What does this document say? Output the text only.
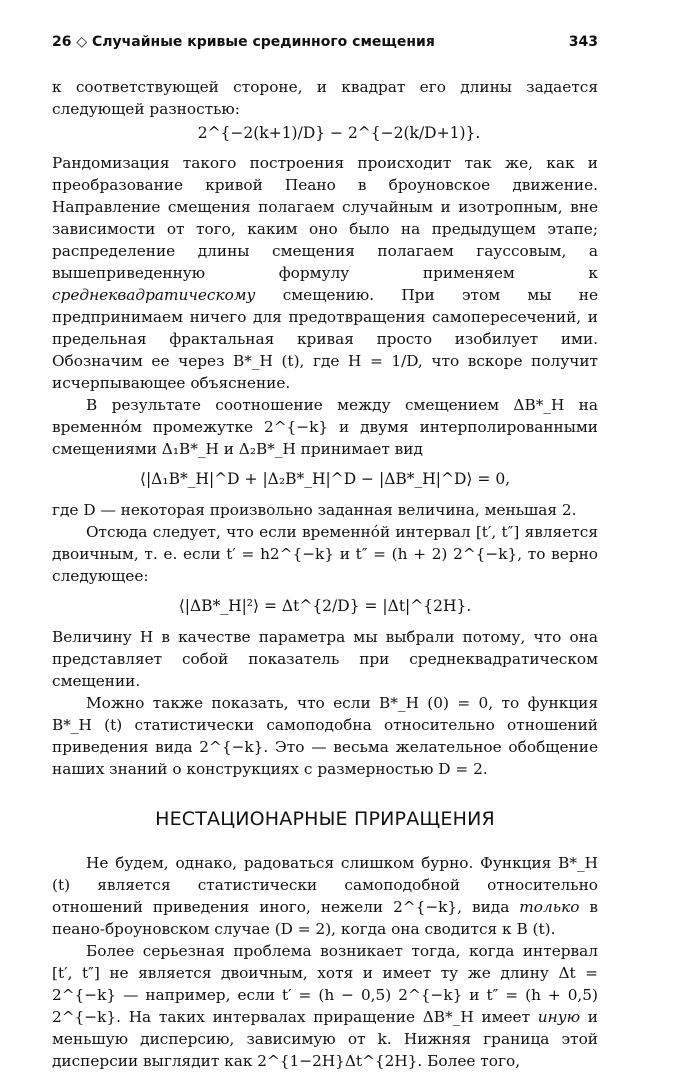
26 ◇ Случайные кривые срединного смещения	343

к соответствующей стороне, и квадрат его длины задается следующей разностью:

2^{−2(k+1)/D} − 2^{−2(k/D+1)}.

Рандомизация такого построения происходит так же, как и преобразование кривой Пеано в броуновское движение. Направление смещения полагаем случайным и изотропным, вне зависимости от того, каким оно было на предыдущем этапе; распределение длины смещения полагаем гауссовым, а вышеприведенную формулу применяем к среднеквадратическому смещению. При этом мы не предпринимаем ничего для предотвращения самопересечений, и предельная фрактальная кривая просто изобилует ими. Обозначим ее через B*_H (t), где H = 1/D, что вскоре получит исчерпывающее объяснение.

В результате соотношение между смещением ΔB*_H на временнóм промежутке 2^{−k} и двумя интерполированными смещениями Δ₁B*_H и Δ₂B*_H принимает вид

⟨|Δ₁B*_H|^D + |Δ₂B*_H|^D − |ΔB*_H|^D⟩ = 0,

где D — некоторая произвольно заданная величина, меньшая 2.

Отсюда следует, что если временнóй интервал [t′, t″] является двоичным, т. е. если t′ = h2^{−k} и t″ = (h + 2) 2^{−k}, то верно следующее:

⟨|ΔB*_H|²⟩ = Δt^{2/D} = |Δt|^{2H}.

Величину H в качестве параметра мы выбрали потому, что она представляет собой показатель при среднеквадратическом смещении.

Можно также показать, что если B*_H (0) = 0, то функция B*_H (t) статистически самоподобна относительно отношений приведения вида 2^{−k}. Это — весьма желательное обобщение наших знаний о конструкциях с размерностью D = 2.

НЕСТАЦИОНАРНЫЕ ПРИРАЩЕНИЯ

Не будем, однако, радоваться слишком бурно. Функция B*_H (t) является статистически самоподобной относительно отношений приведения иного, нежели 2^{−k}, вида только в пеано-броуновском случае (D = 2), когда она сводится к B (t).

Более серьезная проблема возникает тогда, когда интервал [t′, t″] не является двоичным, хотя и имеет ту же длину Δt = 2^{−k} — например, если t′ = (h − 0,5) 2^{−k} и t″ = (h + 0,5) 2^{−k}. На таких интервалах приращение ΔB*_H имеет иную и меньшую дисперсию, зависимую от k. Нижняя граница этой дисперсии выглядит как 2^{1−2H}Δt^{2H}. Более того,
